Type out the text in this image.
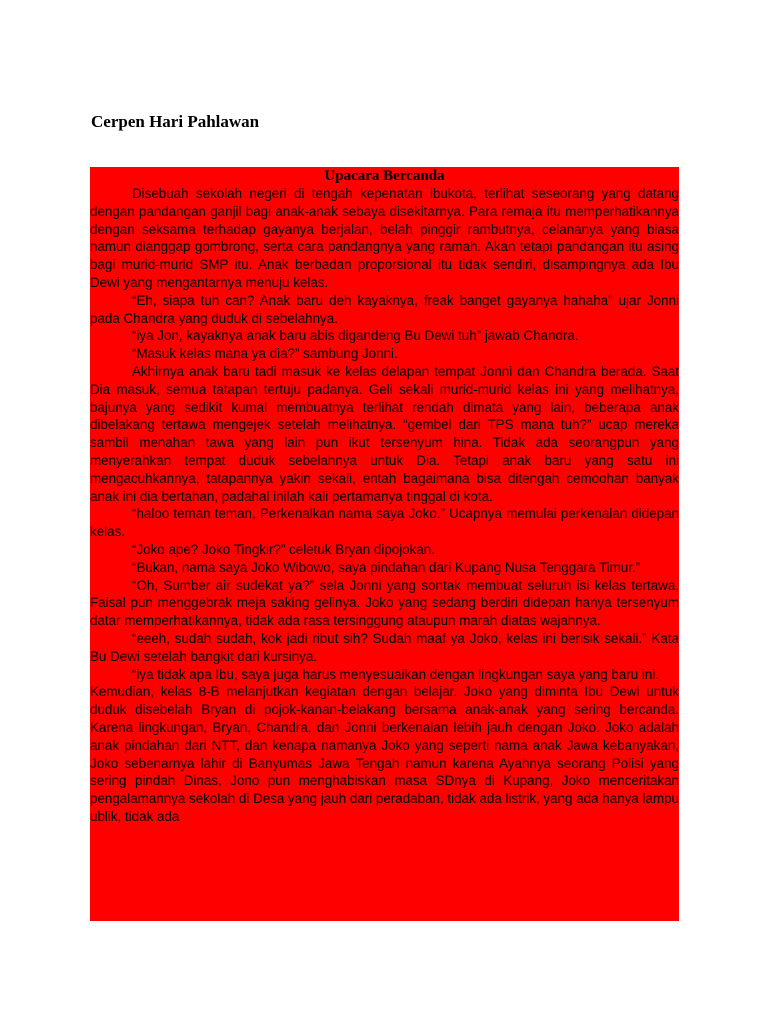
Cerpen Hari Pahlawan
Upacara Bercanda

Disebuah sekolah negeri di tengah kepenatan ibukota, terlihat seseorang yang datang dengan pandangan ganjil bagi anak-anak sebaya disekitarnya. Para remaja itu memperhatikannya dengan seksama terhadap gayanya berjalan, belah pinggir rambutnya, celananya yang biasa namun dianggap gombrong, serta cara pandangnya yang ramah. Akan tetapi pandangan itu asing bagi murid-murid SMP itu. Anak berbadan proporsional itu tidak sendiri, disampingnya ada Ibu Dewi yang mengantarnya menuju kelas.

“Eh, siapa tuh can? Anak baru deh kayaknya, freak banget gayanya hahaha” ujar Jonni pada Chandra yang duduk di sebelahnya.

“iya Jon, kayaknya anak baru abis digandeng Bu Dewi tuh” jawab Chandra.

“Masuk kelas mana ya dia?” sambung Jonni.

Akhirnya anak baru tadi masuk ke kelas delapan tempat Jonni dan Chandra berada. Saat Dia masuk, semua tatapan tertuju padanya. Geli sekali murid-murid kelas ini yang melihatnya, bajunya yang sedikit kumal membuatnya terlihat rendah dimata yang lain, beberapa anak dibelakang tertawa mengejek setelah melihatnya. “gembel dari TPS mana tuh?” ucap mereka sambil menahan tawa yang lain pun ikut tersenyum hina. Tidak ada seorangpun yang menyerahkan tempat duduk sebelahnya untuk Dia. Tetapi anak baru yang satu ini mengacuhkannya, tatapannya yakin sekali, entah bagaimana bisa ditengah cemoohan banyak anak ini dia bertahan, padahal inilah kali pertamanya tinggal di kota.

“haloo teman teman, Perkenalkan nama saya Joko.” Ucapnya memulai perkenalan didepan kelas.

“Joko ape? Joko Tingkir?” celetuk Bryan dipojokan.

“Bukan, nama saya Joko Wibowo, saya pindahan dari Kupang Nusa Tenggara Timur.”

“Oh, Sumber air sudekat ya?” sela Jonni yang sontak membuat seluruh isi kelas tertawa, Faisal pun menggebrak meja saking gelinya. Joko yang sedang berdiri didepan hanya tersenyum datar memperhatikannya, tidak ada rasa tersinggung ataupun marah diatas wajahnya.

“eeeh, sudah sudah, kok jadi ribut sih? Sudah maaf ya Joko, kelas ini berisik sekali.” Kata Bu Dewi setelah bangkit dari kursinya.

“iya tidak apa Ibu, saya juga harus menyesuaikan dengan lingkungan saya yang baru ini.

Kemudian, kelas 8-B melanjutkan kegiatan dengan belajar. Joko yang diminta Ibu Dewi untuk duduk disebelah Bryan di pojok-kanan-belakang bersama anak-anak yang sering bercanda. Karena lingkungan, Bryan, Chandra, dan Jonni berkenalan lebih jauh dengan Joko. Joko adalah anak pindahan dari NTT, dan kenapa namanya Joko yang seperti nama anak Jawa kebanyakan, Joko sebenarnya lahir di Banyumas Jawa Tengah namun karena Ayahnya seorang Polisi yang sering pindah Dinas, Jono pun menghabiskan masa SDnya di Kupang, Joko menceritakan pengalamannya sekolah di Desa yang jauh dari peradaban, tidak ada listrik, yang ada hanya lampu ublik, tidak ada
